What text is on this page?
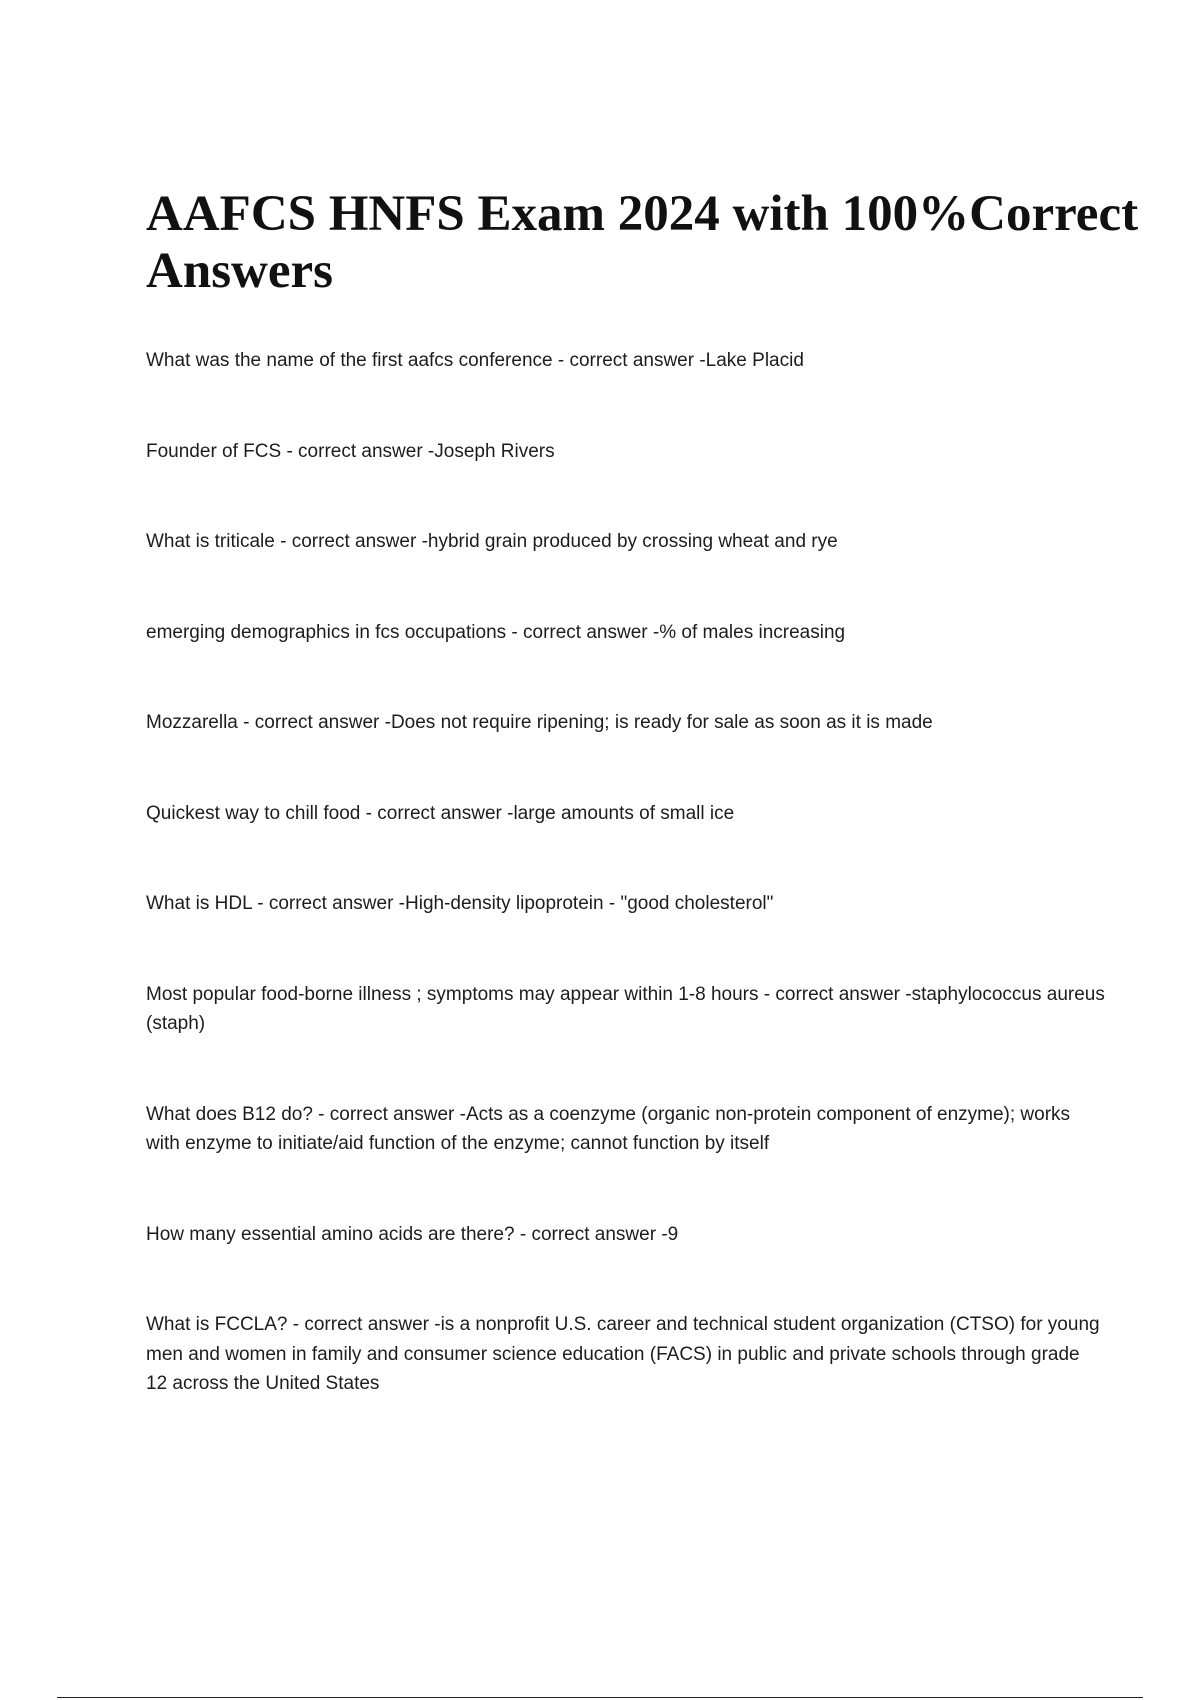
AAFCS HNFS Exam 2024 with 100%Correct Answers
What was the name of the first aafcs conference - correct answer -Lake Placid
Founder of FCS - correct answer -Joseph Rivers
What is triticale - correct answer -hybrid grain produced by crossing wheat and rye
emerging demographics in fcs occupations - correct answer -% of males increasing
Mozzarella - correct answer -Does not require ripening; is ready for sale as soon as it is made
Quickest way to chill food - correct answer -large amounts of small ice
What is HDL - correct answer -High-density lipoprotein - "good cholesterol"
Most popular food-borne illness ; symptoms may appear within 1-8 hours - correct answer -staphylococcus aureus (staph)
What does B12 do? - correct answer -Acts as a coenzyme (organic non-protein component of enzyme); works with enzyme to initiate/aid function of the enzyme; cannot function by itself
How many essential amino acids are there? - correct answer -9
What is FCCLA? - correct answer -is a nonprofit U.S. career and technical student organization (CTSO) for young men and women in family and consumer science education (FACS) in public and private schools through grade 12 across the United States
